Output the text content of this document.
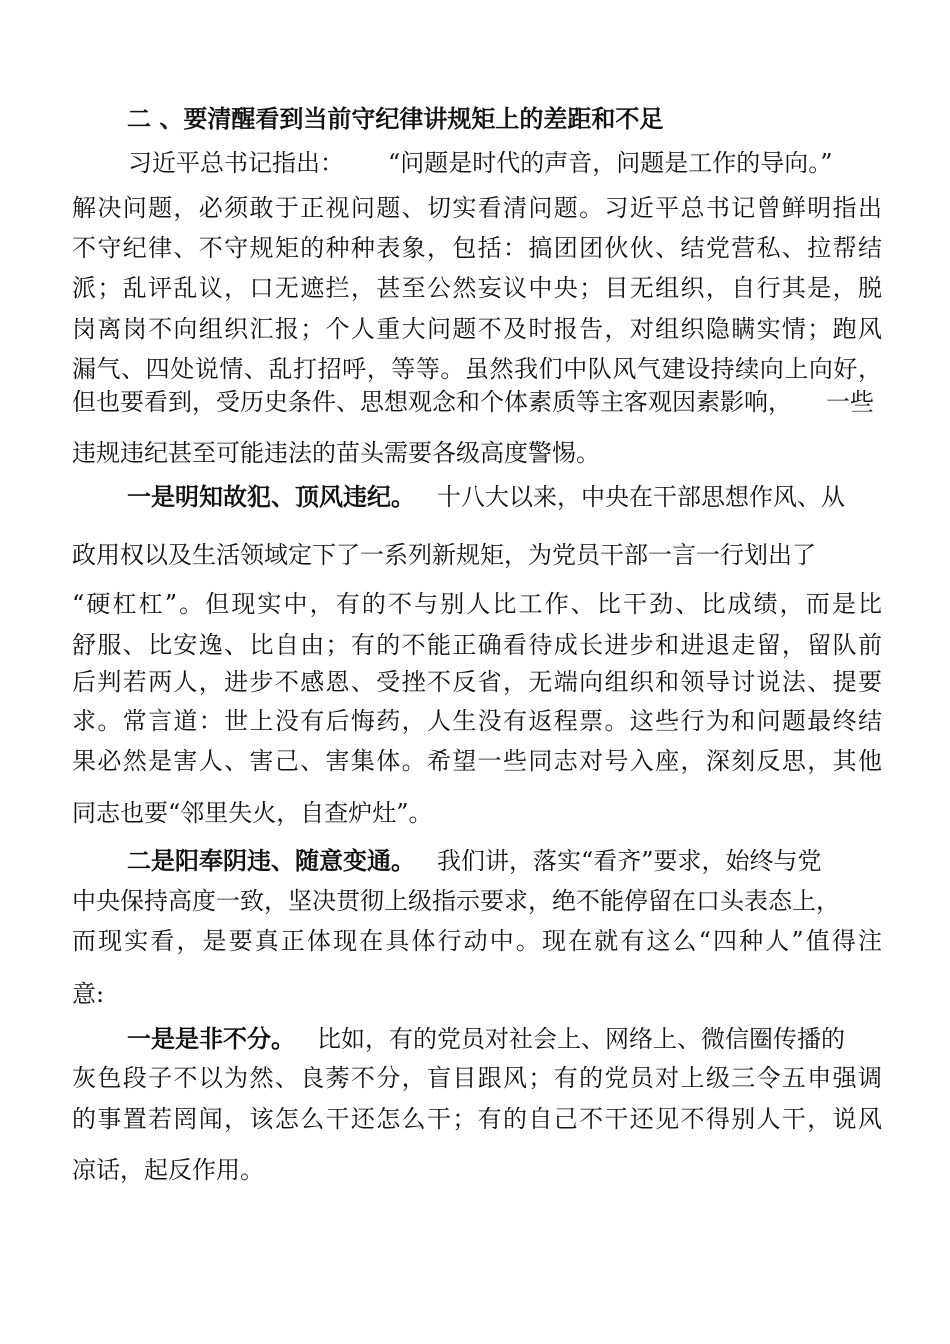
二 、要清醒看到当前守纪律讲规矩上的差距和不足
习近平总书记指出： “问题是时代的声音，问题是工作的导向。”
解决问题，必须敢于正视问题、切实看清问题。习近平总书记曾鲜明指出
不守纪律、不守规矩的种种表象，包括：搞团团伙伙、结党营私、拉帮结
派；乱评乱议，口无遮拦，甚至公然妄议中央；目无组织，自行其是，脱
岗离岗不向组织汇报；个人重大问题不及时报告，对组织隐瞒实情；跑风
漏气、四处说情、乱打招呼，等等。虽然我们中队风气建设持续向上向好，
但也要看到，受历史条件、思想观念和个体素质等主客观因素影响， 一些
违规违纪甚至可能违法的苗头需要各级高度警惕。
一是明知故犯、顶风违纪。 十八大以来，中央在干部思想作风、从
政用权以及生活领域定下了一系列新规矩，为党员干部一言一行划出了
“硬杠杠”。但现实中，有的不与别人比工作、比干劲、比成绩，而是比
舒服、比安逸、比自由；有的不能正确看待成长进步和进退走留，留队前
后判若两人，进步不感恩、受挫不反省，无端向组织和领导讨说法、提要
求。常言道：世上没有后悔药，人生没有返程票。这些行为和问题最终结
果必然是害人、害己、害集体。希望一些同志对号入座，深刻反思，其他
同志也要“邻里失火，自查炉灶”。
二是阳奉阴违、随意变通。 我们讲，落实“看齐”要求，始终与党
中央保持高度一致，坚决贯彻上级指示要求，绝不能停留在口头表态上，
而现实看，是要真正体现在具体行动中。现在就有这么“四种人”值得注
意:
一是是非不分。 比如，有的党员对社会上、网络上、微信圈传播的
灰色段子不以为然、良莠不分，盲目跟风；有的党员对上级三令五申强调
的事置若罔闻，该怎么干还怎么干；有的自己不干还见不得别人干，说风
凉话，起反作用。
